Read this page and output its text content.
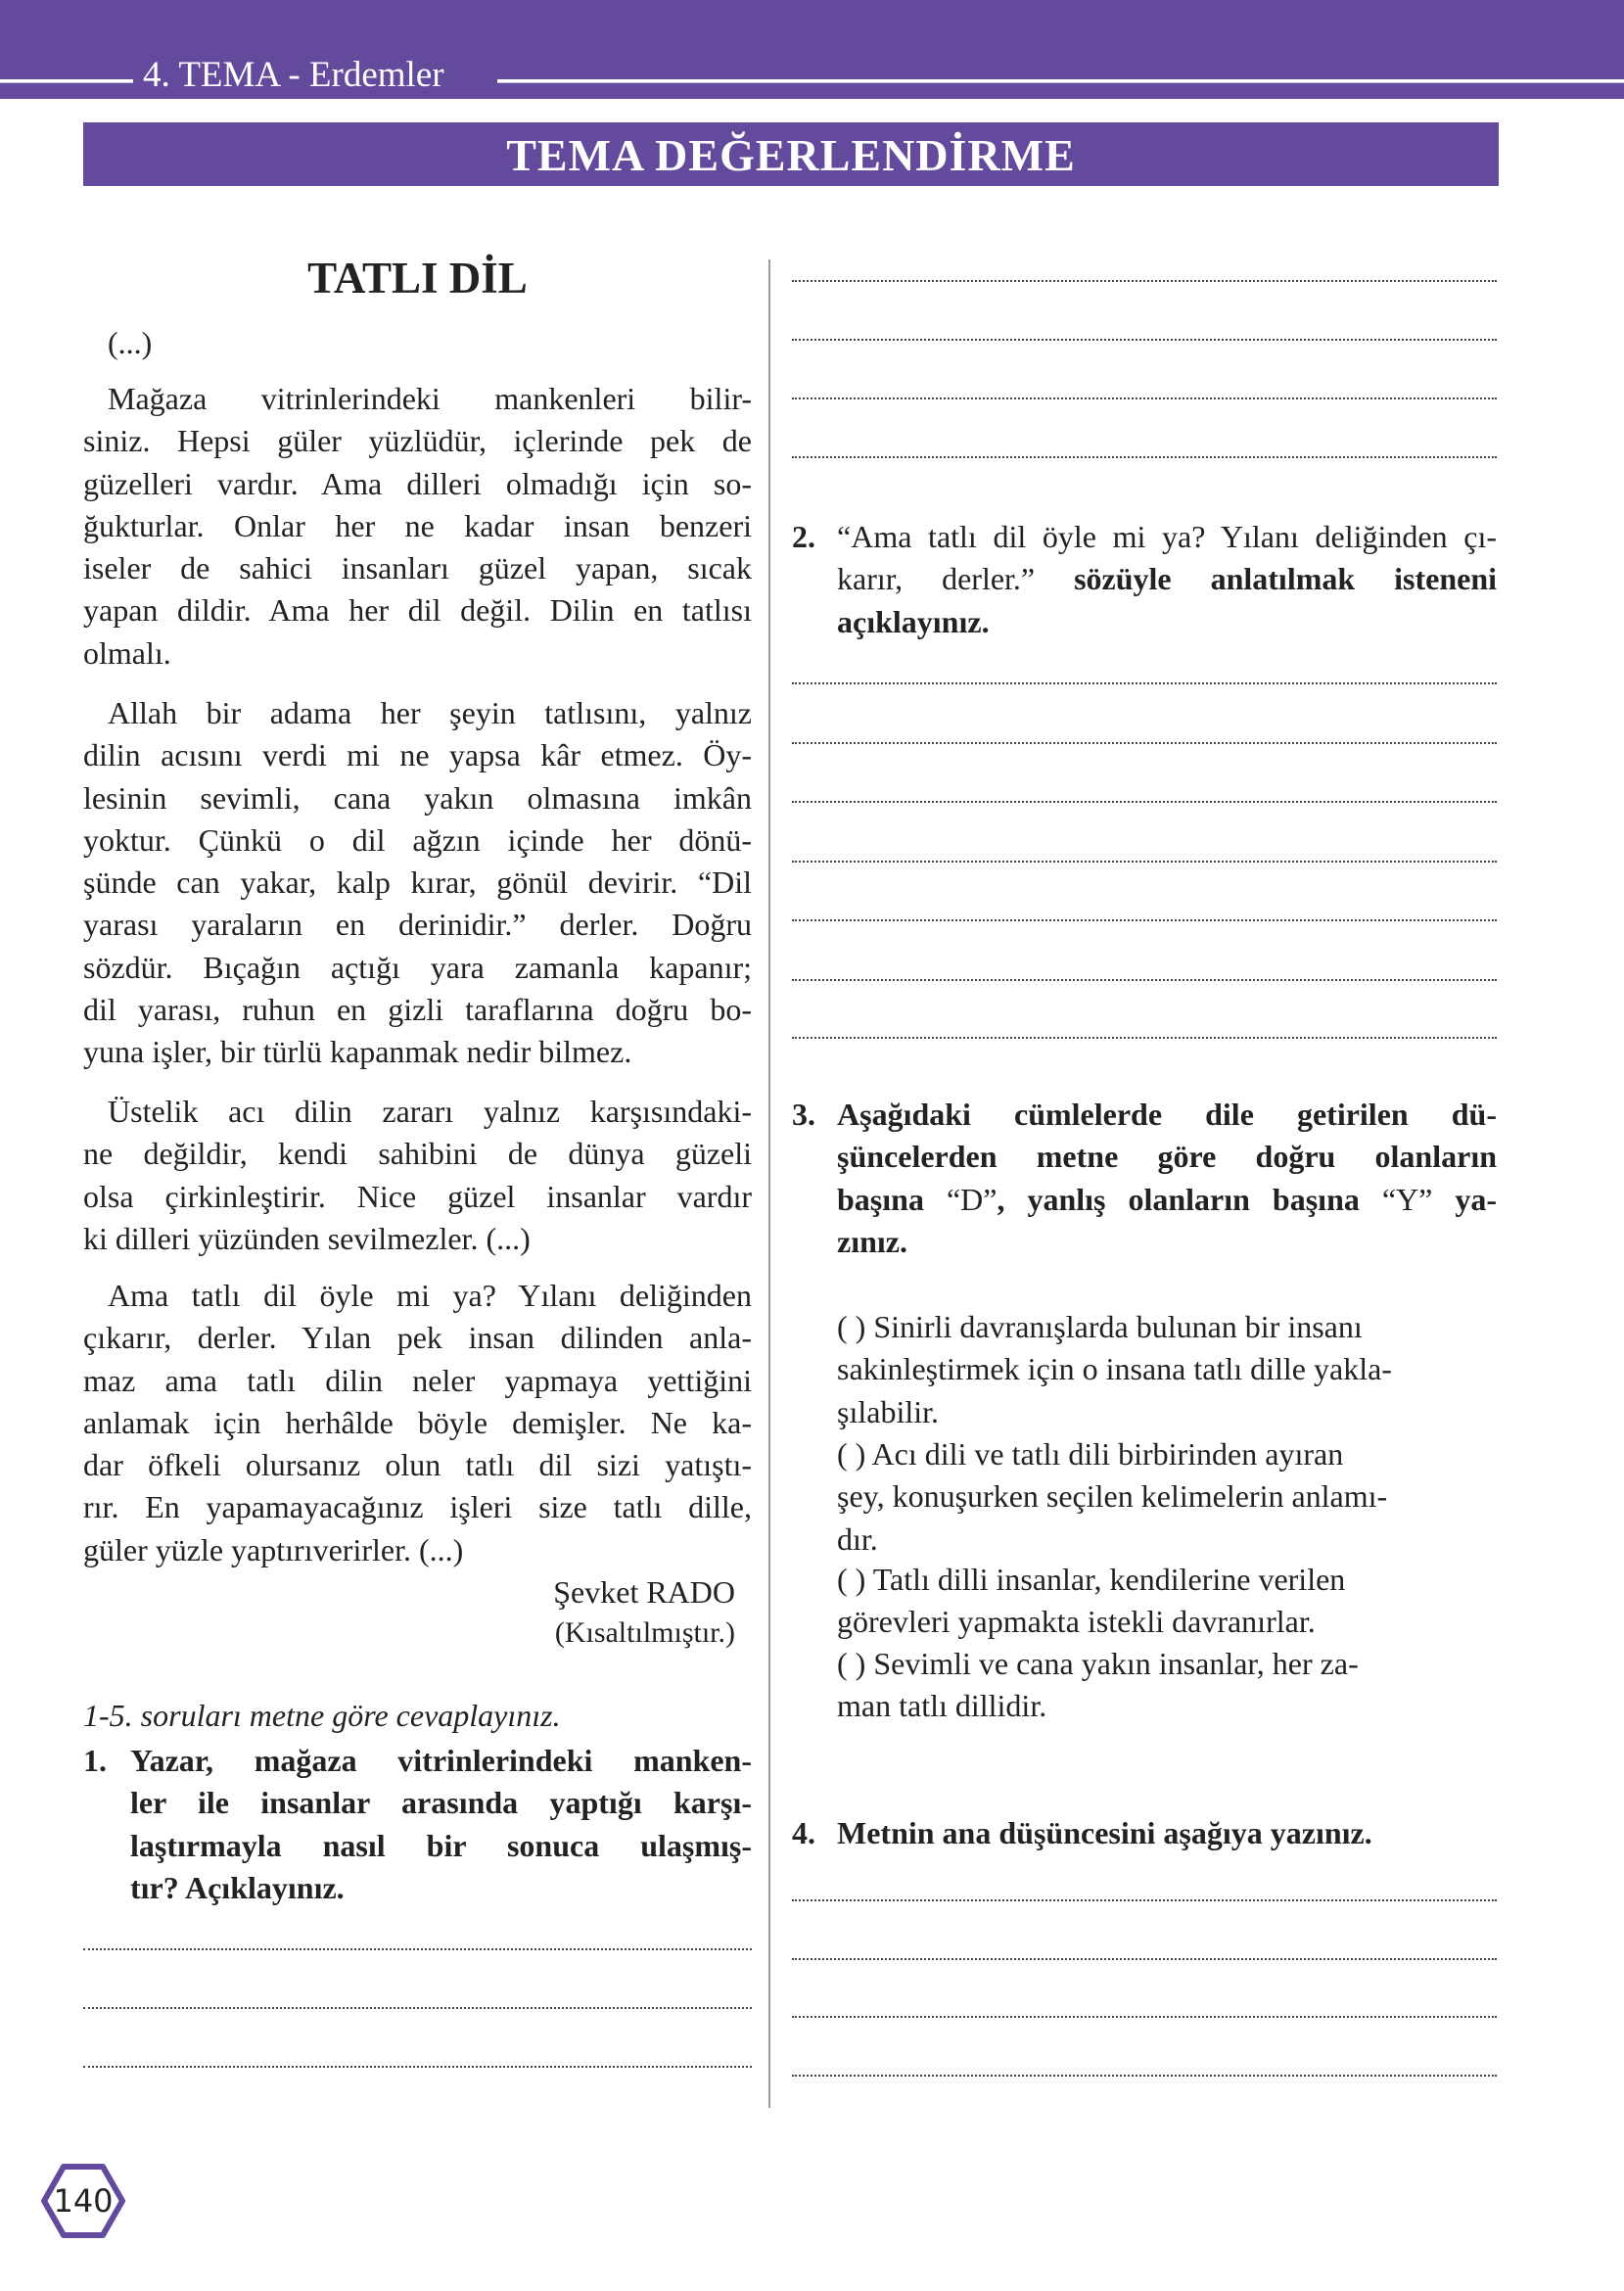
4. TEMA - Erdemler
TEMA DEĞERLENDİRME
TATLI DİL
(...)
Mağaza vitrinlerindeki mankenleri bilir-
siniz. Hepsi güler yüzlüdür, içlerinde pek de
güzelleri vardır. Ama dilleri olmadığı için so-
ğukturlar. Onlar her ne kadar insan benzeri
iseler de sahici insanları güzel yapan, sıcak
yapan dildir. Ama her dil değil. Dilin en tatlısı
olmalı.
Allah bir adama her şeyin tatlısını, yalnız
dilin acısını verdi mi ne yapsa kâr etmez. Öy-
lesinin sevimli, cana yakın olmasına imkân
yoktur. Çünkü o dil ağzın içinde her dönü-
şünde can yakar, kalp kırar, gönül devirir. “Dil
yarası yaraların en derinidir.” derler. Doğru
sözdür. Bıçağın açtığı yara zamanla kapanır;
dil yarası, ruhun en gizli taraflarına doğru bo-
yuna işler, bir türlü kapanmak nedir bilmez.
Üstelik acı dilin zararı yalnız karşısındaki-
ne değildir, kendi sahibini de dünya güzeli
olsa çirkinleştirir. Nice güzel insanlar vardır
ki dilleri yüzünden sevilmezler. (...)
Ama tatlı dil öyle mi ya? Yılanı deliğinden
çıkarır, derler. Yılan pek insan dilinden anla-
maz ama tatlı dilin neler yapmaya yettiğini
anlamak için herhâlde böyle demişler. Ne ka-
dar öfkeli olursanız olun tatlı dil sizi yatıştı-
rır. En yapamayacağınız işleri size tatlı dille,
güler yüzle yaptırıverirler. (...)
Şevket RADO
(Kısaltılmıştır.)
1-5. soruları metne göre cevaplayınız.
1. Yazar, mağaza vitrinlerindeki manken-
ler ile insanlar arasında yaptığı karşı-
laştırmayla nasıl bir sonuca ulaşmış-
tır? Açıklayınız.
2. “Ama tatlı dil öyle mi ya? Yılanı deliğinden çı-
karır, derler.” sözüyle anlatılmak isteneni
açıklayınız.
3. Aşağıdaki cümlelerde dile getirilen dü-
şüncelerden metne göre doğru olanların
başına “D”, yanlış olanların başına “Y” ya-
zınız.
( ) Sinirli davranışlarda bulunan bir insanı
sakinleştirmek için o insana tatlı dille yakla-
şılabilir.
( ) Acı dili ve tatlı dili birbirinden ayıran
şey, konuşurken seçilen kelimelerin anlamı-
dır.
( ) Tatlı dilli insanlar, kendilerine verilen
görevleri yapmakta istekli davranırlar.
( ) Sevimli ve cana yakın insanlar, her za-
man tatlı dillidir.
4. Metnin ana düşüncesini aşağıya yazınız.
140
